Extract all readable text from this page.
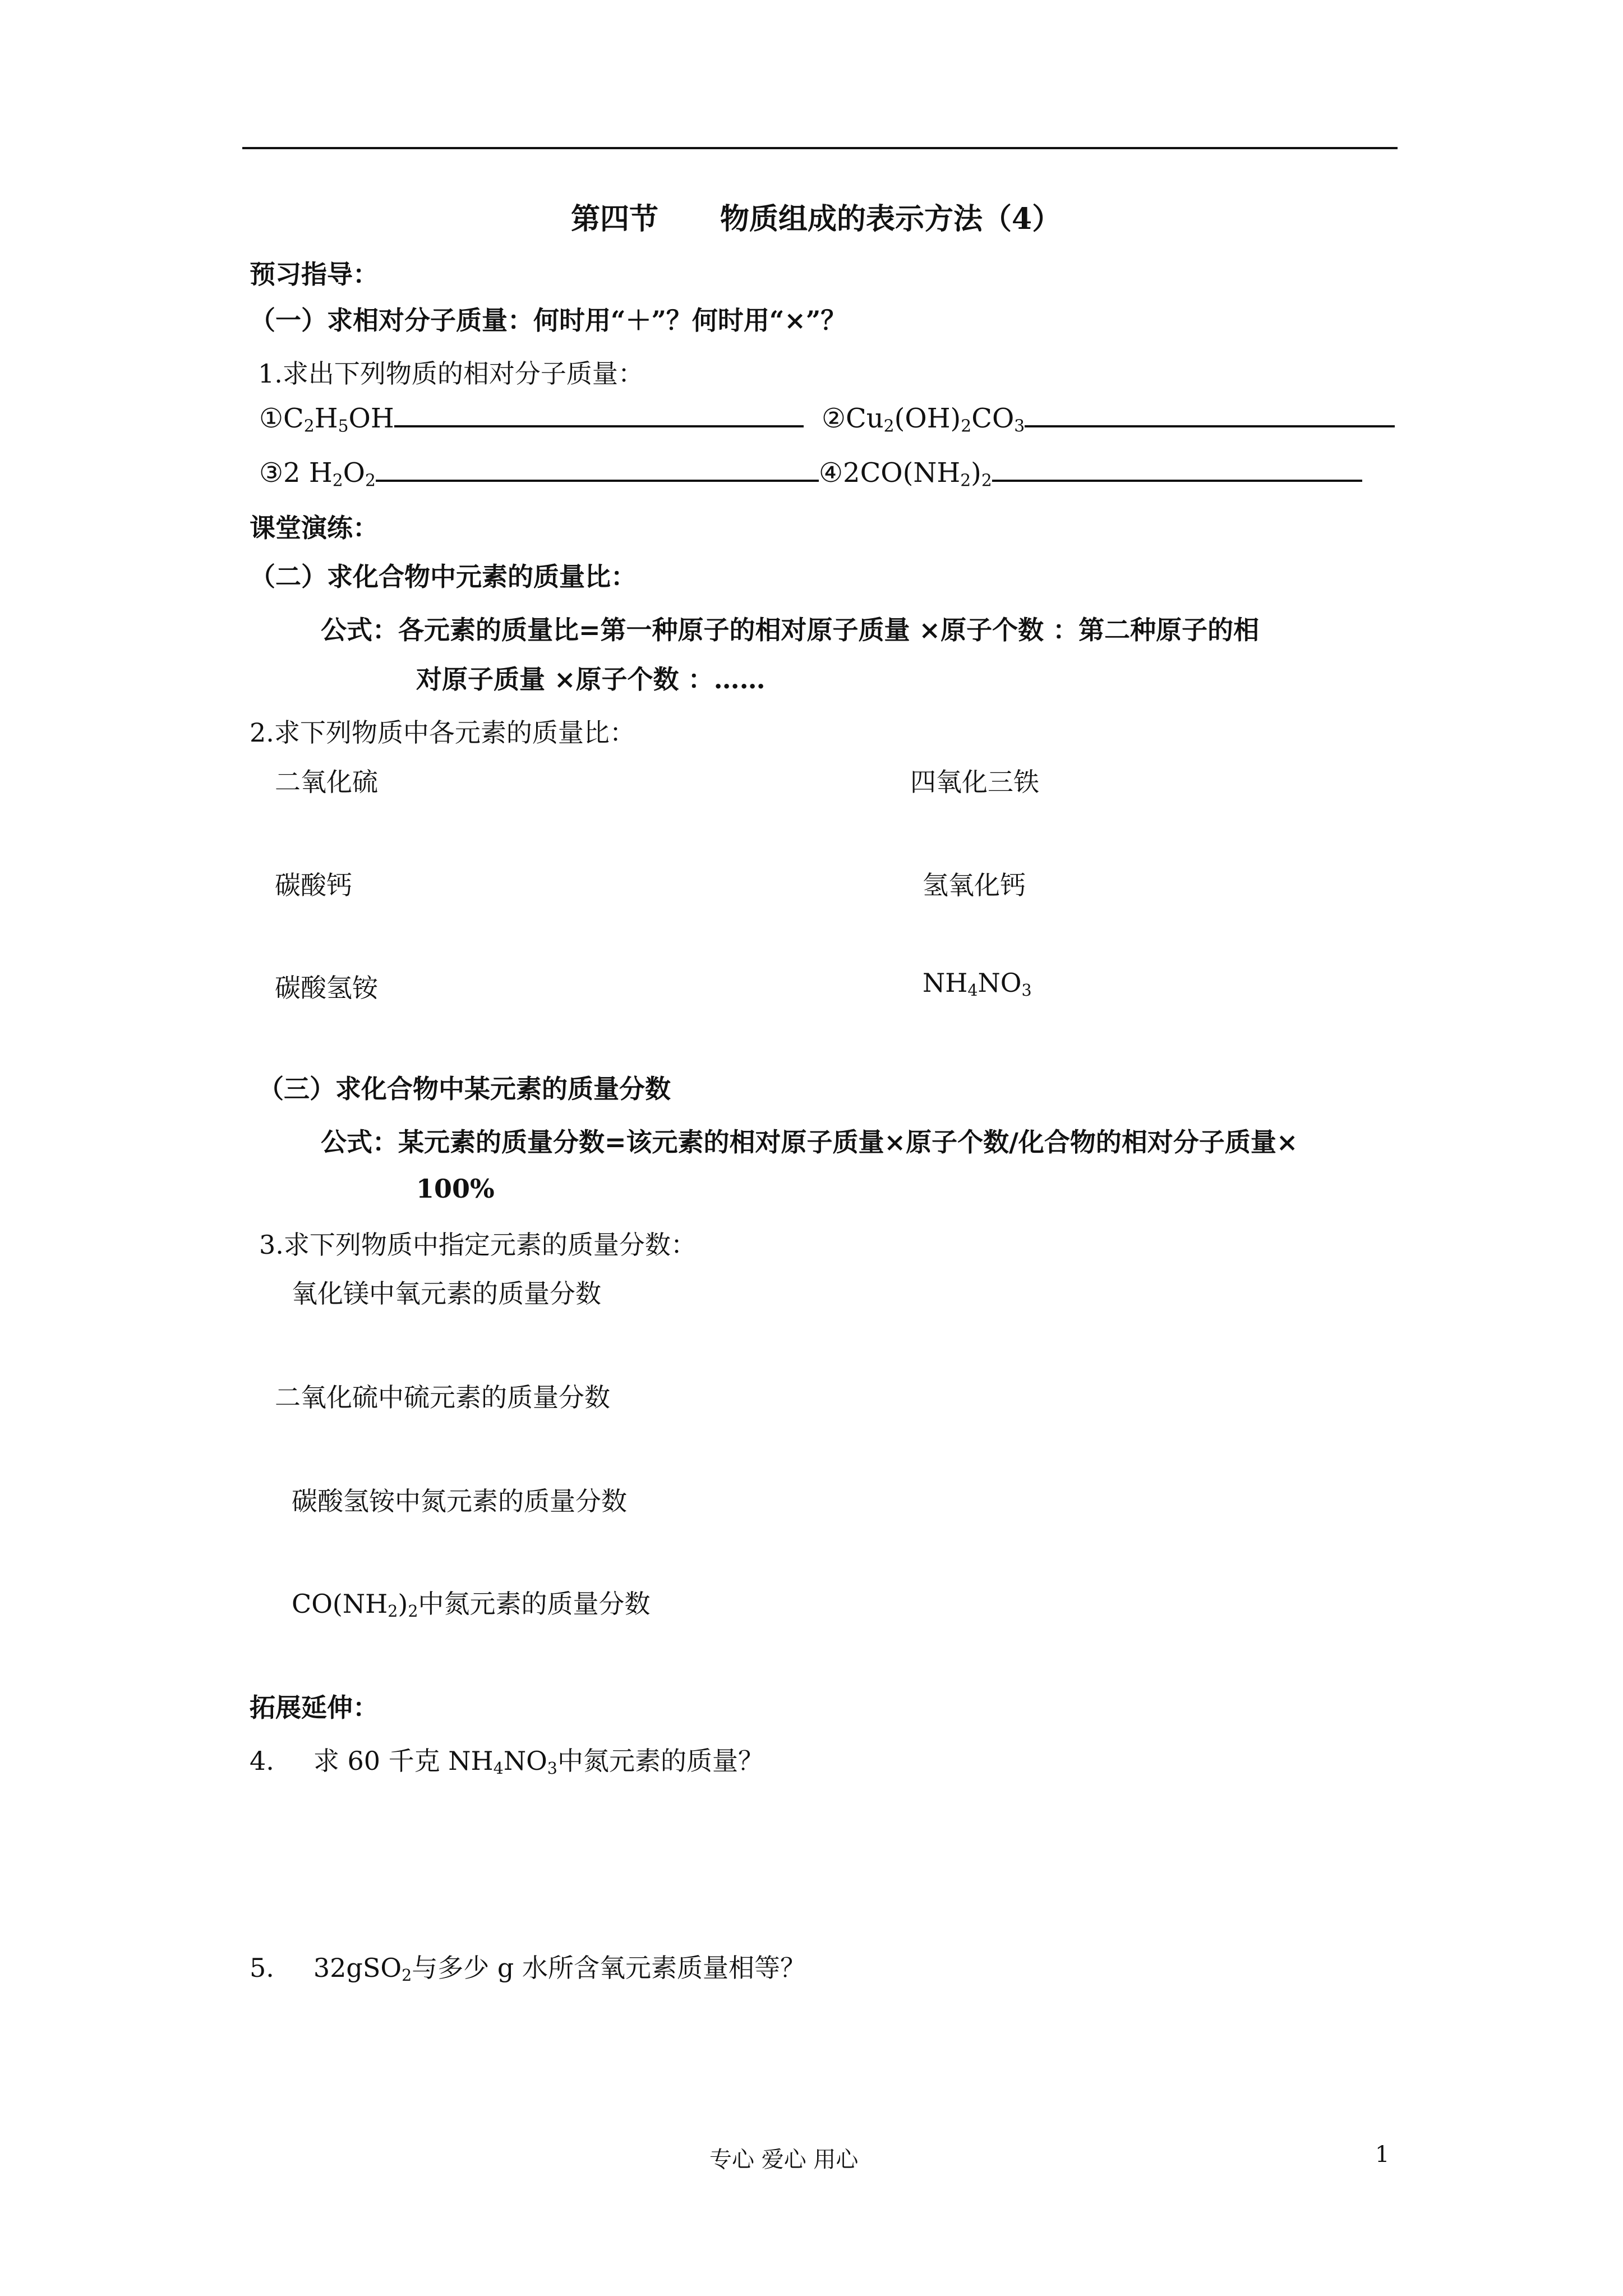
第四节 物质组成的表示方法（4）
预习指导：
（一）求相对分子质量：何时用“＋”？何时用“×”？
1.求出下列物质的相对分子质量：
$①C_2H_5OH$	$②Cu_2(OH)_2CO_3$
③2 $H_2O_2$	$④2CO(NH_2)_2$
课堂演练：
（二）求化合物中元素的质量比：
公式：各元素的质量比=第一种原子的相对原子质量 ×原子个数 ：第二种原子的相
对原子质量 ×原子个数 ：……
2.求下列物质中各元素的质量比：
二氧化硫	四氧化三铁
碳酸钙	氢氧化钙
碳酸氢铵	$NH_4NO_3$
（三）求化合物中某元素的质量分数
公式：某元素的质量分数=该元素的相对原子质量×原子个数/化合物的相对分子质量×
100%
3.求下列物质中指定元素的质量分数：
氧化镁中氧元素的质量分数
二氧化硫中硫元素的质量分数
碳酸氢铵中氮元素的质量分数
$CO(NH_2)_2$中氮元素的质量分数
拓展延伸：
4. 求 60 千克 $NH_4NO_3$中氮元素的质量？
5. 32gSO$_2$与多少 g 水所含氧元素质量相等？
专心 爱心 用心	1
